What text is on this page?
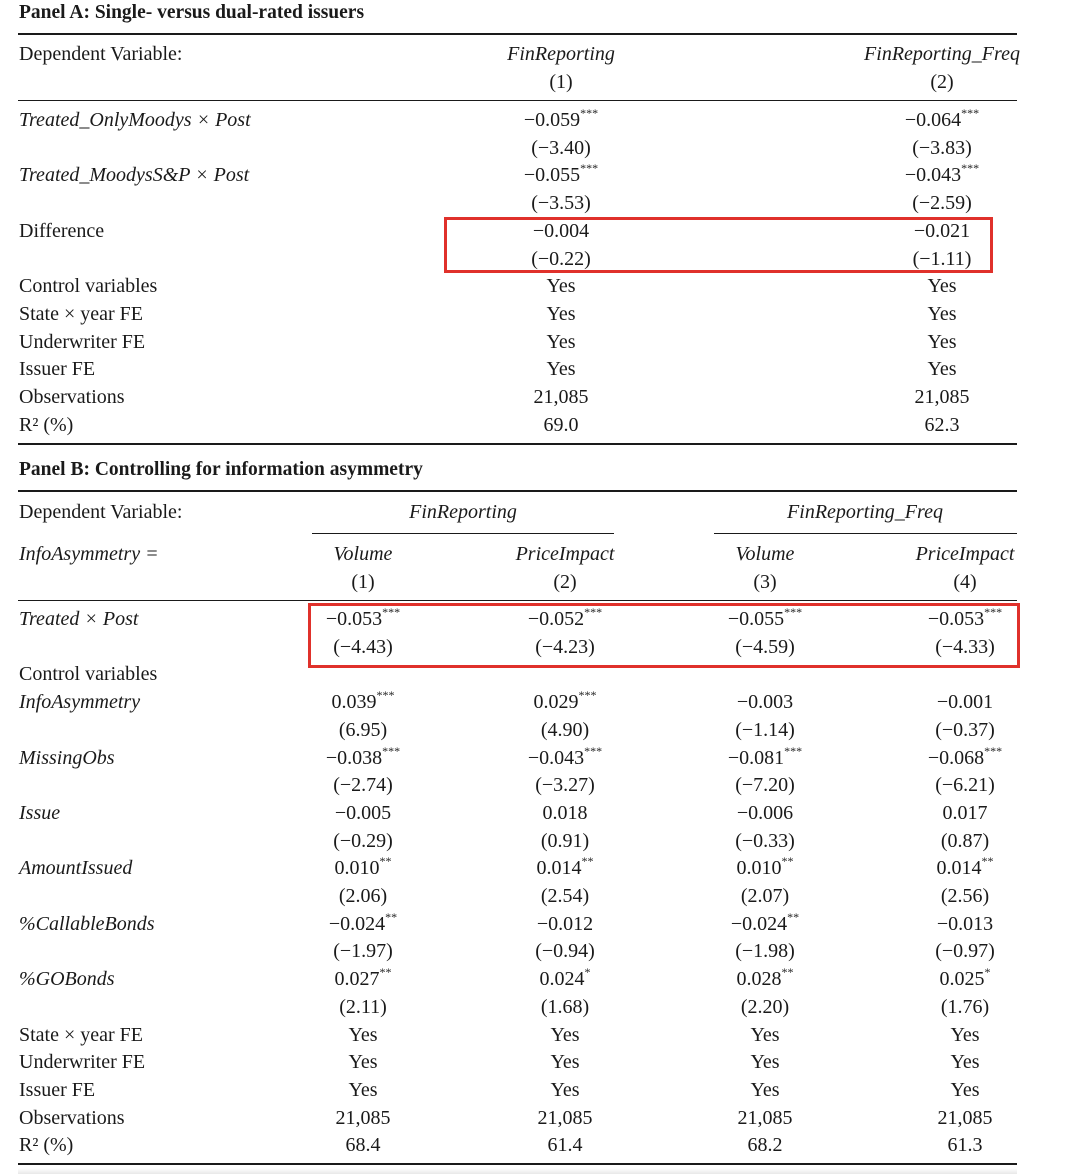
Panel A: Single- versus dual-rated issuers
Dependent Variable:	FinReporting	FinReporting_Freq
(1)	(2)
Treated_OnlyMoodys × Post	−0.059***	−0.064***
(−3.40)	(−3.83)
Treated_MoodysS&P × Post	−0.055***	−0.043***
(−3.53)	(−2.59)
Difference	−0.004	−0.021
(−0.22)	(−1.11)
Control variables	Yes	Yes
State × year FE	Yes	Yes
Underwriter FE	Yes	Yes
Issuer FE	Yes	Yes
Observations	21,085	21,085
R² (%)	69.0	62.3
Panel B: Controlling for information asymmetry
Dependent Variable:	FinReporting	FinReporting_Freq
InfoAsymmetry =	Volume	PriceImpact	Volume	PriceImpact
(1)	(2)	(3)	(4)
Treated × Post	−0.053***	−0.052***	−0.055***	−0.053***
(−4.43)	(−4.23)	(−4.59)	(−4.33)
Control variables
InfoAsymmetry	0.039***	0.029***	−0.003	−0.001
(6.95)	(4.90)	(−1.14)	(−0.37)
MissingObs	−0.038***	−0.043***	−0.081***	−0.068***
(−2.74)	(−3.27)	(−7.20)	(−6.21)
Issue	−0.005	0.018	−0.006	0.017
(−0.29)	(0.91)	(−0.33)	(0.87)
AmountIssued	0.010**	0.014**	0.010**	0.014**
(2.06)	(2.54)	(2.07)	(2.56)
%CallableBonds	−0.024**	−0.012	−0.024**	−0.013
(−1.97)	(−0.94)	(−1.98)	(−0.97)
%GOBonds	0.027**	0.024*	0.028**	0.025*
(2.11)	(1.68)	(2.20)	(1.76)
State × year FE	Yes	Yes	Yes	Yes
Underwriter FE	Yes	Yes	Yes	Yes
Issuer FE	Yes	Yes	Yes	Yes
Observations	21,085	21,085	21,085	21,085
R² (%)	68.4	61.4	68.2	61.3
